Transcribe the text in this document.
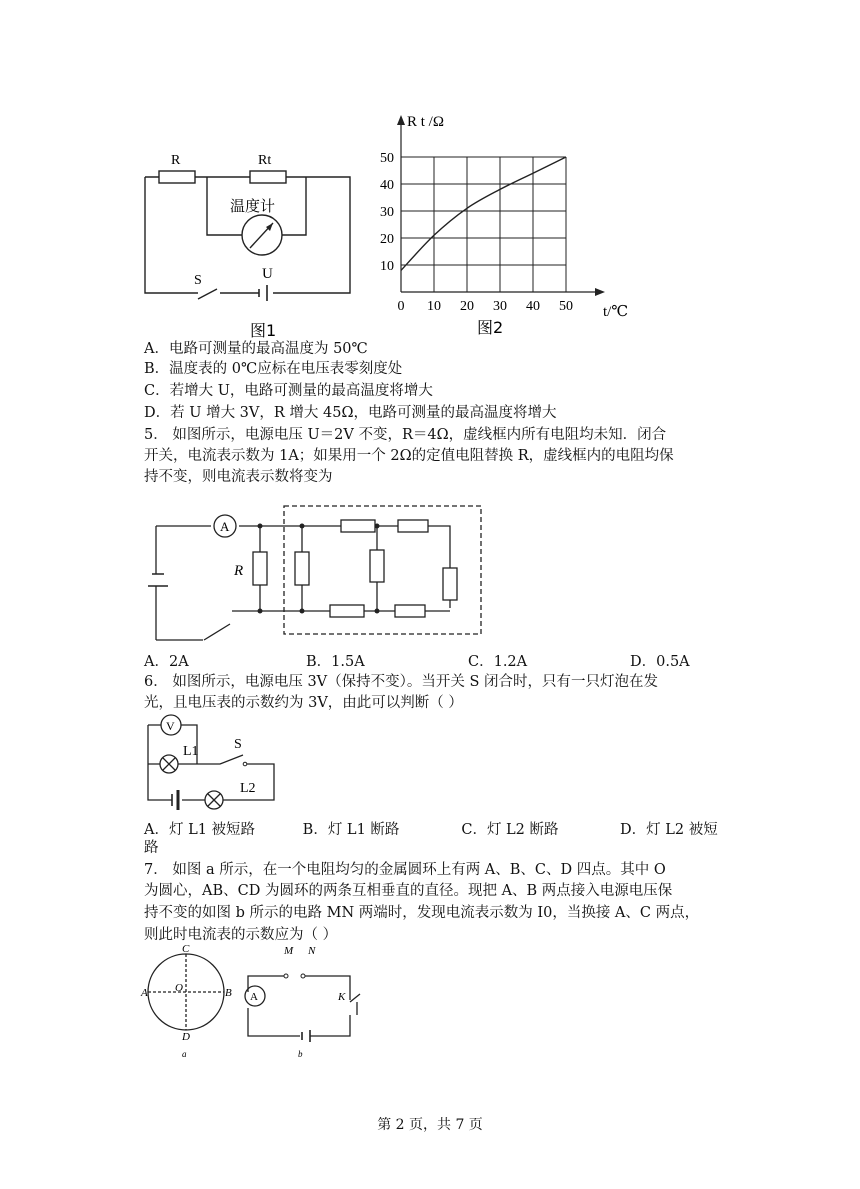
R	Rt
温度计
S	U
图1
10
20
30
40
50
0 10 20 30 40 50
R t /Ω
t/℃
图2
A．电路可测量的最高温度为 50℃
B．温度表的 0℃应标在电压表零刻度处
C．若增大 U，电路可测量的最高温度将增大
D．若 U 增大 3V，R 增大 45Ω，电路可测量的最高温度将增大
5． 如图所示，电源电压 U＝2V 不变，R＝4Ω，虚线框内所有电阻均未知．闭合
开关，电流表示数为 1A；如果用一个 2Ω的定值电阻替换 R，虚线框内的电阻均保
持不变，则电流表示数将变为
A
R
A．2A	B．1.5A	C．1.2A	D．0.5A
6． 如图所示，电源电压 3V（保持不变）。当开关 S 闭合时，只有一只灯泡在发
光，且电压表的示数约为 3V，由此可以判断（ ）
V
S
L1
L2
A．灯 L1 被短路	B．灯 L1 断路	C．灯 L2 断路	D．灯 L2 被短
路
7． 如图 a 所示，在一个电阻均匀的金属圆环上有两 A、B、C、D 四点。其中 O
为圆心，AB、CD 为圆环的两条互相垂直的直径。现把 A、B 两点接入电源电压保
持不变的如图 b 所示的电路 MN 两端时，发现电流表示数为 I0，当换接 A、C 两点，
则此时电流表的示数应为（ ）
C
A O	B
D
M N
A	K
a	b
第 2 页，共 7 页
